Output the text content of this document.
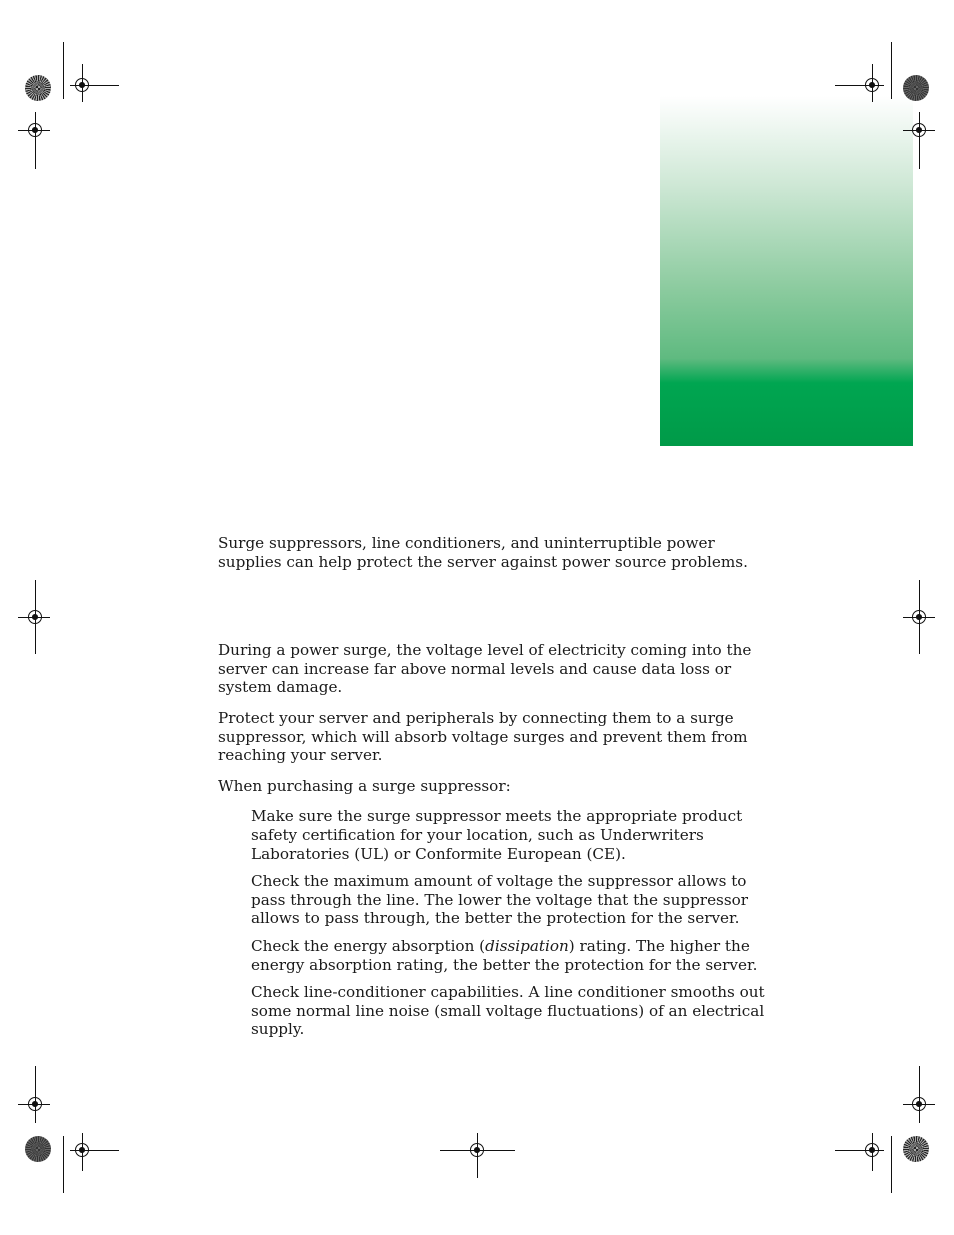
Surge suppressors, line conditioners, and uninterruptible power supplies can help protect the server against power source problems.

During a power surge, the voltage level of electricity coming into the server can increase far above normal levels and cause data loss or system damage.

Protect your server and peripherals by connecting them to a surge suppressor, which will absorb voltage surges and prevent them from reaching your server.

When purchasing a surge suppressor:

Make sure the surge suppressor meets the appropriate product safety certification for your location, such as Underwriters Laboratories (UL) or Conformite European (CE).
Check the maximum amount of voltage the suppressor allows to pass through the line. The lower the voltage that the suppressor allows to pass through, the better the protection for the server.
Check the energy absorption (dissipation) rating. The higher the energy absorption rating, the better the protection for the server.
Check line-conditioner capabilities. A line conditioner smooths out some normal line noise (small voltage fluctuations) of an electrical supply.
